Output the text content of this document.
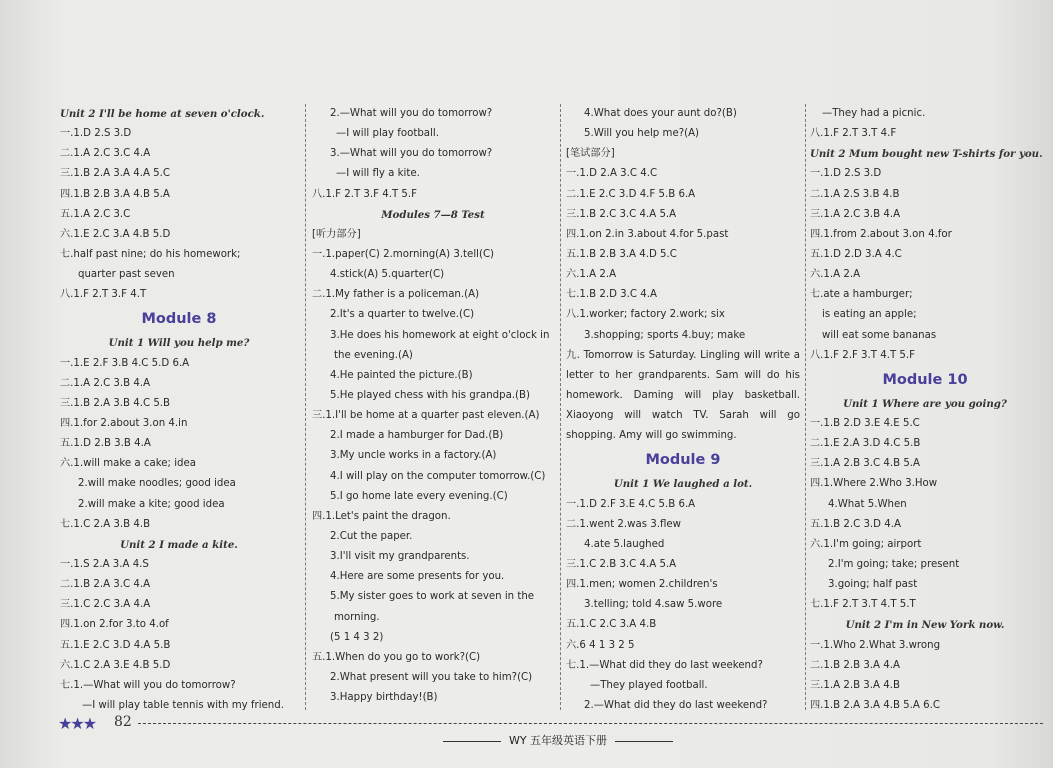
Unit 2 I'll be home at seven o'clock.
一.1.D 2.S 3.D
二.1.A 2.C 3.C 4.A
三.1.B 2.A 3.A 4.A 5.C
四.1.B 2.B 3.A 4.B 5.A
五.1.A 2.C 3.C
六.1.E 2.C 3.A 4.B 5.D
七.half past nine; do his homework;
quarter past seven
八.1.F 2.T 3.F 4.T
Module 8
Unit 1 Will you help me?
一.1.E 2.F 3.B 4.C 5.D 6.A
二.1.A 2.C 3.B 4.A
三.1.B 2.A 3.B 4.C 5.B
四.1.for 2.about 3.on 4.in
五.1.D 2.B 3.B 4.A
六.1.will make a cake; idea
2.will make noodles; good idea
2.will make a kite; good idea
七.1.C 2.A 3.B 4.B
Unit 2 I made a kite.
一.1.S 2.A 3.A 4.S
二.1.B 2.A 3.C 4.A
三.1.C 2.C 3.A 4.A
四.1.on 2.for 3.to 4.of
五.1.E 2.C 3.D 4.A 5.B
六.1.C 2.A 3.E 4.B 5.D
七.1.—What will you do tomorrow?
—I will play table tennis with my friend.
2.—What will you do tomorrow?
—I will play football.
3.—What will you do tomorrow?
—I will fly a kite.
八.1.F 2.T 3.F 4.T 5.F
Modules 7—8 Test
[听力部分]
一.1.paper(C) 2.morning(A) 3.tell(C)
4.stick(A) 5.quarter(C)
二.1.My father is a policeman.(A)
2.It's a quarter to twelve.(C)
3.He does his homework at eight o'clock in
the evening.(A)
4.He painted the picture.(B)
5.He played chess with his grandpa.(B)
三.1.I'll be home at a quarter past eleven.(A)
2.I made a hamburger for Dad.(B)
3.My uncle works in a factory.(A)
4.I will play on the computer tomorrow.(C)
5.I go home late every evening.(C)
四.1.Let's paint the dragon.
2.Cut the paper.
3.I'll visit my grandparents.
4.Here are some presents for you.
5.My sister goes to work at seven in the
morning.
(5 1 4 3 2)
五.1.When do you go to work?(C)
2.What present will you take to him?(C)
3.Happy birthday!(B)
4.What does your aunt do?(B)
5.Will you help me?(A)
[笔试部分]
一.1.D 2.A 3.C 4.C
二.1.E 2.C 3.D 4.F 5.B 6.A
三.1.B 2.C 3.C 4.A 5.A
四.1.on 2.in 3.about 4.for 5.past
五.1.B 2.B 3.A 4.D 5.C
六.1.A 2.A
七.1.B 2.D 3.C 4.A
八.1.worker; factory 2.work; six
3.shopping; sports 4.buy; make
九. Tomorrow is Saturday. Lingling will write a letter to her grandparents. Sam will do his homework. Daming will play basketball. Xiaoyong will watch TV. Sarah will go shopping. Amy will go swimming.
Module 9
Unit 1 We laughed a lot.
一.1.D 2.F 3.E 4.C 5.B 6.A
二.1.went 2.was 3.flew
4.ate 5.laughed
三.1.C 2.B 3.C 4.A 5.A
四.1.men; women 2.children's
3.telling; told 4.saw 5.wore
五.1.C 2.C 3.A 4.B
六.6 4 1 3 2 5
七.1.—What did they do last weekend?
—They played football.
2.—What did they do last weekend?
—They had a picnic.
八.1.F 2.T 3.T 4.F
Unit 2 Mum bought new T-shirts for you.
一.1.D 2.S 3.D
二.1.A 2.S 3.B 4.B
三.1.A 2.C 3.B 4.A
四.1.from 2.about 3.on 4.for
五.1.D 2.D 3.A 4.C
六.1.A 2.A
七.ate a hamburger;
is eating an apple;
will eat some bananas
八.1.F 2.F 3.T 4.T 5.F
Module 10
Unit 1 Where are you going?
一.1.B 2.D 3.E 4.E 5.C
二.1.E 2.A 3.D 4.C 5.B
三.1.A 2.B 3.C 4.B 5.A
四.1.Where 2.Who 3.How
4.What 5.When
五.1.B 2.C 3.D 4.A
六.1.I'm going; airport
2.I'm going; take; present
3.going; half past
七.1.F 2.T 3.T 4.T 5.T
Unit 2 I'm in New York now.
一.1.Who 2.What 3.wrong
二.1.B 2.B 3.A 4.A
三.1.A 2.B 3.A 4.B
四.1.B 2.A 3.A 4.B 5.A 6.C
★★★ 82
WY 五年级英语下册
